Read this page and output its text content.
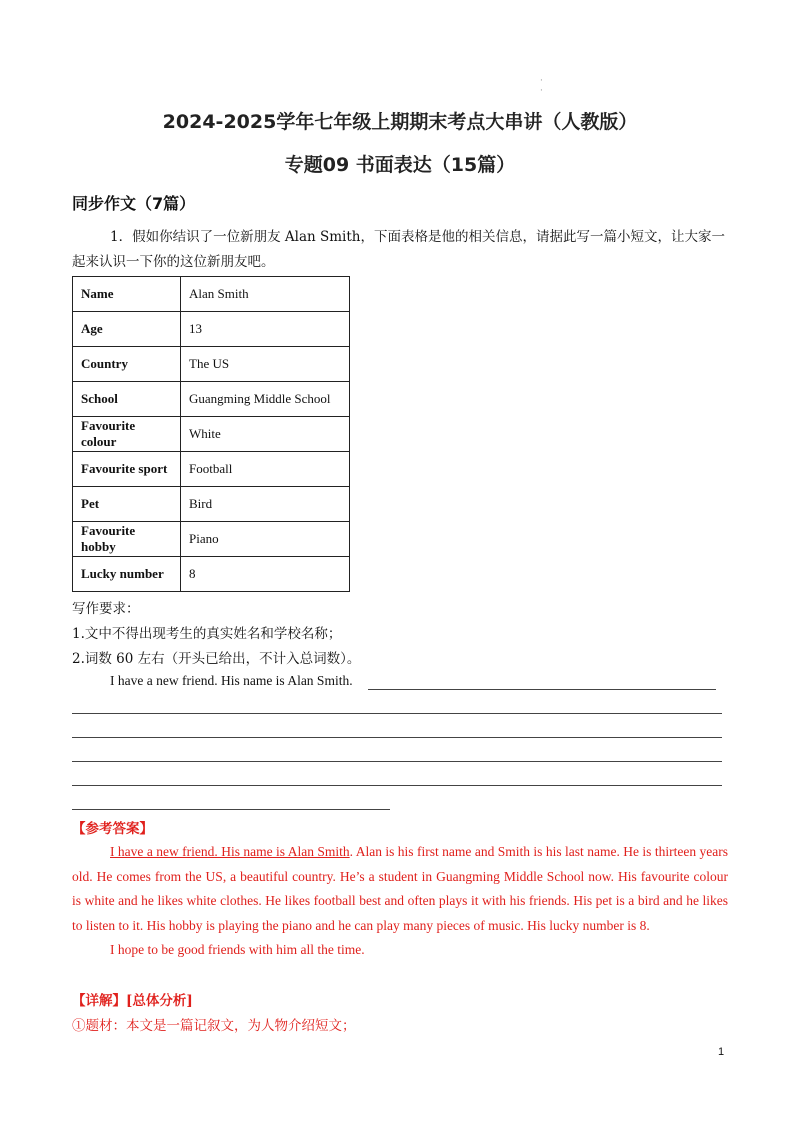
·
·
2024-2025学年七年级上期期末考点大串讲（人教版）
专题09 书面表达（15篇）
同步作文（7篇）
1．假如你结识了一位新朋友 Alan Smith，下面表格是他的相关信息，请据此写一篇小短文，让大家一起来认识一下你的这位新朋友吧。
Name	Alan Smith
Age	13
Country	The US
School	Guangming Middle School
Favourite colour	White
Favourite sport	Football
Pet	Bird
Favourite hobby	Piano
Lucky number	8
写作要求：
1.文中不得出现考生的真实姓名和学校名称；
2.词数 60 左右（开头已给出，不计入总词数）。
I have a new friend. His name is Alan Smith.
【参考答案】

I have a new friend. His name is Alan Smith. Alan is his first name and Smith is his last name. He is thirteen years old. He comes from the US, a beautiful country. He’s a student in Guangming Middle School now. His favourite colour is white and he likes white clothes. He likes football best and often plays it with his friends. His pet is a bird and he likes to listen to it. His hobby is playing the piano and he can play many pieces of music. His lucky number is 8.

I hope to be good friends with him all the time.

【详解】[总体分析]
①题材：本文是一篇记叙文，为人物介绍短文；
1
